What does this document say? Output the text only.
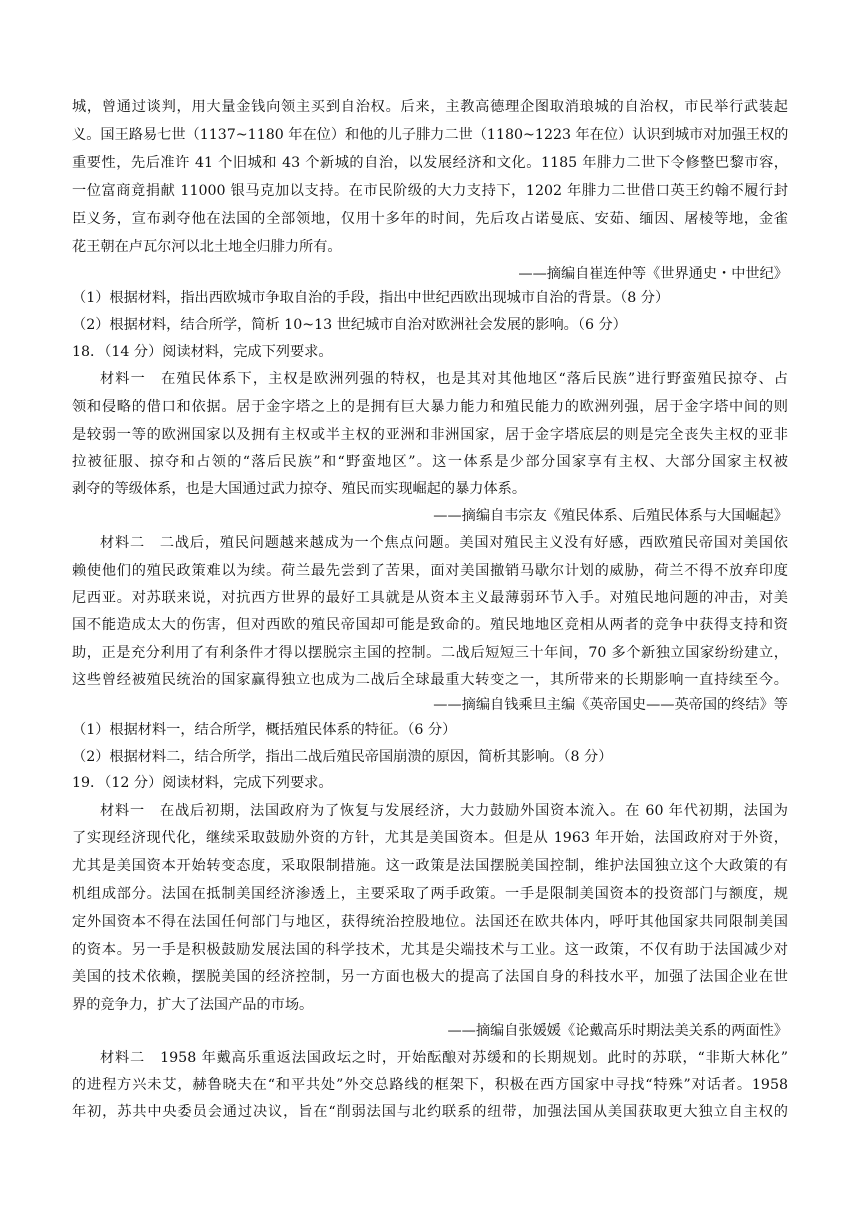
城，曾通过谈判，用大量金钱向领主买到自治权。后来，主教高德理企图取消琅城的自治权，市民举行武装起
义。国王路易七世（1137~1180 年在位）和他的儿子腓力二世（1180~1223 年在位）认识到城市对加强王权的
重要性，先后准许 41 个旧城和 43 个新城的自治，以发展经济和文化。1185 年腓力二世下令修整巴黎市容，
一位富商竟捐献 11000 银马克加以支持。在市民阶级的大力支持下，1202 年腓力二世借口英王约翰不履行封
臣义务，宣布剥夺他在法国的全部领地，仅用十多年的时间，先后攻占诺曼底、安茹、缅因、屠棱等地，金雀
花王朝在卢瓦尔河以北土地全归腓力所有。
——摘编自崔连仲等《世界通史・中世纪》
（1）根据材料，指出西欧城市争取自治的手段，指出中世纪西欧出现城市自治的背景。（8 分）
（2）根据材料，结合所学，简析 10~13 世纪城市自治对欧洲社会发展的影响。（6 分）
18．（14 分）阅读材料，完成下列要求。
材料一　在殖民体系下，主权是欧洲列强的特权，也是其对其他地区“落后民族”进行野蛮殖民掠夺、占
领和侵略的借口和依据。居于金字塔之上的是拥有巨大暴力能力和殖民能力的欧洲列强，居于金字塔中间的则
是较弱一等的欧洲国家以及拥有主权或半主权的亚洲和非洲国家，居于金字塔底层的则是完全丧失主权的亚非
拉被征服、掠夺和占领的“落后民族”和“野蛮地区”。这一体系是少部分国家享有主权、大部分国家主权被
剥夺的等级体系，也是大国通过武力掠夺、殖民而实现崛起的暴力体系。
——摘编自韦宗友《殖民体系、后殖民体系与大国崛起》
材料二　二战后，殖民问题越来越成为一个焦点问题。美国对殖民主义没有好感，西欧殖民帝国对美国依
赖使他们的殖民政策难以为续。荷兰最先尝到了苦果，面对美国撤销马歇尔计划的威胁，荷兰不得不放弃印度
尼西亚。对苏联来说，对抗西方世界的最好工具就是从资本主义最薄弱环节入手。对殖民地问题的冲击，对美
国不能造成太大的伤害，但对西欧的殖民帝国却可能是致命的。殖民地地区竞相从两者的竞争中获得支持和资
助，正是充分利用了有利条件才得以摆脱宗主国的控制。二战后短短三十年间，70 多个新独立国家纷纷建立，
这些曾经被殖民统治的国家赢得独立也成为二战后全球最重大转变之一，其所带来的长期影响一直持续至今。
——摘编自钱乘旦主编《英帝国史——英帝国的终结》等
（1）根据材料一，结合所学，概括殖民体系的特征。（6 分）
（2）根据材料二，结合所学，指出二战后殖民帝国崩溃的原因，简析其影响。（8 分）
19．（12 分）阅读材料，完成下列要求。
材料一　在战后初期，法国政府为了恢复与发展经济，大力鼓励外国资本流入。在 60 年代初期，法国为
了实现经济现代化，继续采取鼓励外资的方针，尤其是美国资本。但是从 1963 年开始，法国政府对于外资，
尤其是美国资本开始转变态度，采取限制措施。这一政策是法国摆脱美国控制，维护法国独立这个大政策的有
机组成部分。法国在抵制美国经济渗透上，主要采取了两手政策。一手是限制美国资本的投资部门与额度，规
定外国资本不得在法国任何部门与地区，获得统治控股地位。法国还在欧共体内，呼吁其他国家共同限制美国
的资本。另一手是积极鼓励发展法国的科学技术，尤其是尖端技术与工业。这一政策，不仅有助于法国减少对
美国的技术依赖，摆脱美国的经济控制，另一方面也极大的提高了法国自身的科技水平，加强了法国企业在世
界的竞争力，扩大了法国产品的市场。
——摘编自张媛媛《论戴高乐时期法美关系的两面性》
材料二　1958 年戴高乐重返法国政坛之时，开始酝酿对苏缓和的长期规划。此时的苏联，“非斯大林化”
的进程方兴未艾，赫鲁晓夫在“和平共处”外交总路线的框架下，积极在西方国家中寻找“特殊”对话者。1958
年初，苏共中央委员会通过决议，旨在“削弱法国与北约联系的纽带，加强法国从美国获取更大独立自主权的
